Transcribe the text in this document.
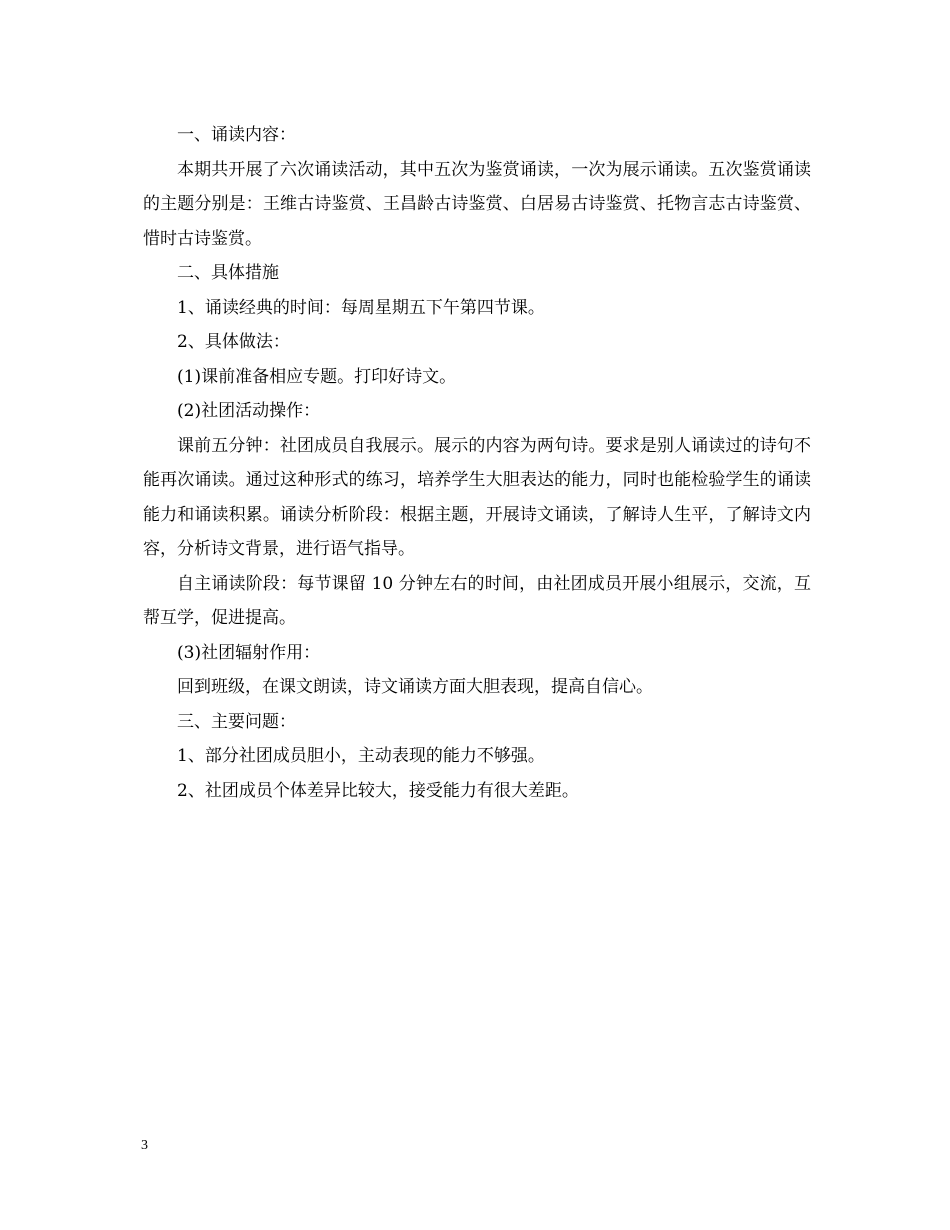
一、诵读内容：

本期共开展了六次诵读活动，其中五次为鉴赏诵读，一次为展示诵读。五次鉴赏诵读的主题分别是：王维古诗鉴赏、王昌龄古诗鉴赏、白居易古诗鉴赏、托物言志古诗鉴赏、惜时古诗鉴赏。

二、具体措施

1、诵读经典的时间：每周星期五下午第四节课。

2、具体做法：

(1)课前准备相应专题。打印好诗文。

(2)社团活动操作：

课前五分钟：社团成员自我展示。展示的内容为两句诗。要求是别人诵读过的诗句不能再次诵读。通过这种形式的练习，培养学生大胆表达的能力，同时也能检验学生的诵读能力和诵读积累。诵读分析阶段：根据主题，开展诗文诵读，了解诗人生平，了解诗文内容，分析诗文背景，进行语气指导。

自主诵读阶段：每节课留 10 分钟左右的时间，由社团成员开展小组展示，交流，互帮互学，促进提高。

(3)社团辐射作用：

回到班级，在课文朗读，诗文诵读方面大胆表现，提高自信心。

三、主要问题：

1、部分社团成员胆小，主动表现的能力不够强。

2、社团成员个体差异比较大，接受能力有很大差距。

3
